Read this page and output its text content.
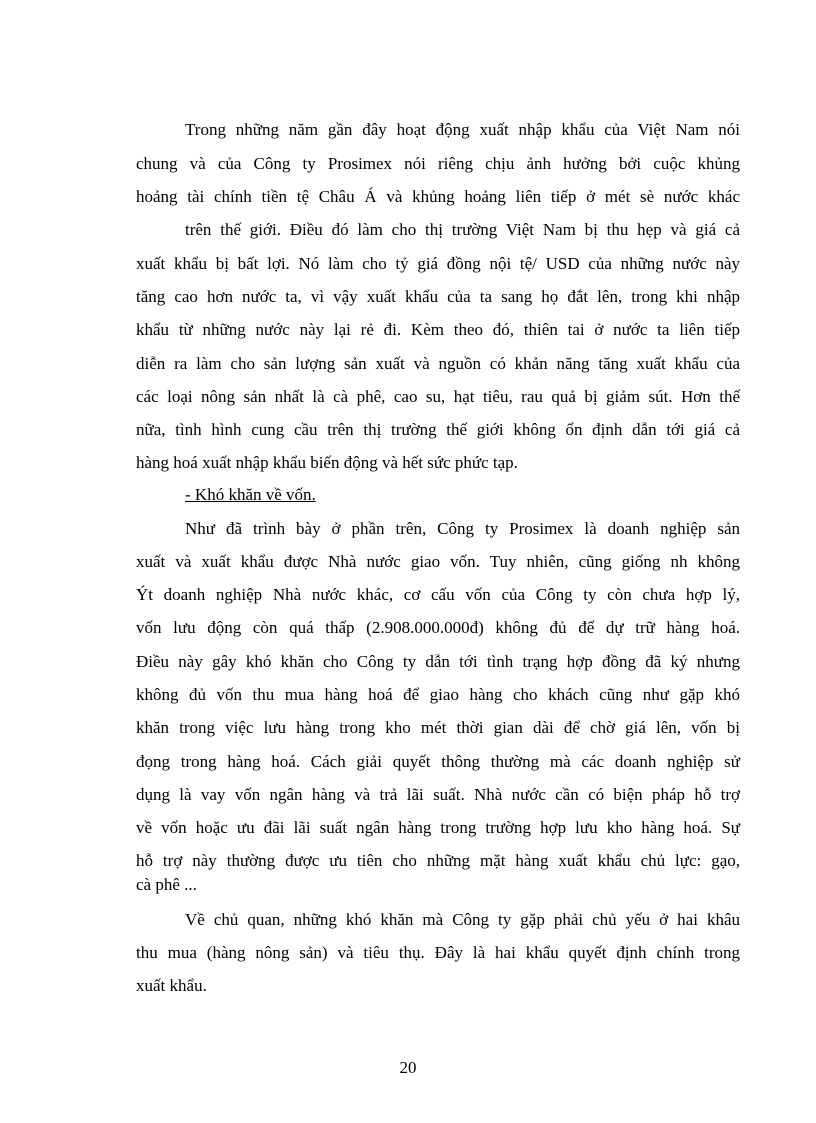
Trong những năm gần đây hoạt động xuất nhập khẩu của Việt Nam nói

chung và của Công ty Prosimex nói riêng chịu ảnh hưởng bởi cuộc khủng

hoảng tài chính tiền tệ Châu Á và khủng hoảng liên tiếp ở mét sè nước khác

trên thế giới. Điều đó làm cho thị trường Việt Nam bị thu hẹp và giá cả

xuất khẩu bị bất lợi. Nó làm cho tỷ giá đồng nội tệ/ USD của những nước này

tăng cao hơn nước ta, vì vậy xuất khẩu của ta sang họ đắt lên, trong khi nhập

khẩu từ những nước này lại rẻ đi. Kèm theo đó, thiên tai ở nước ta liên tiếp

diễn ra làm cho sản lượng sản xuất và nguồn có khản năng tăng xuất khẩu của

các loại nông sản nhất là cà phê, cao su, hạt tiêu, rau quả bị giảm sút. Hơn thế

nữa, tình hình cung cầu trên thị trường thế giới không ổn định dẫn tới giá cả

hàng hoá xuất nhập khẩu biến động và hết sức phức tạp.

- Khó khăn về vốn.

Như đã trình bày ở phần trên, Công ty Prosimex là doanh nghiệp sản

xuất và xuất khẩu được Nhà nước giao vốn. Tuy nhiên, cũng giống nh không

Ýt doanh nghiệp Nhà nước khác, cơ cấu vốn của Công ty còn chưa hợp lý,

vốn lưu động còn quá thấp (2.908.000.000đ) không đủ để dự trữ hàng hoá.

Điều này gây khó khăn cho Công ty dẫn tới tình trạng hợp đồng đã ký nhưng

không đủ vốn thu mua hàng hoá để giao hàng cho khách cũng như gặp khó

khăn trong việc lưu hàng trong kho mét thời gian dài để chờ giá lên, vốn bị

đọng trong hàng hoá. Cách giải quyết thông thường mà các doanh nghiệp sử

dụng là vay vốn ngân hàng và trả lãi suất. Nhà nước cần có biện pháp hỗ trợ

về vốn hoặc ưu đãi lãi suất ngân hàng trong trường hợp lưu kho hàng hoá. Sự

hỗ trợ này thường được ưu tiên cho những mặt hàng xuất khẩu chủ lực: gạo,

cà phê ...

Về chủ quan, những khó khăn mà Công ty gặp phải chủ yếu ở hai khâu

thu mua (hàng nông sản) và tiêu thụ. Đây là hai khẩu quyết định chính trong

xuất khẩu.

20
